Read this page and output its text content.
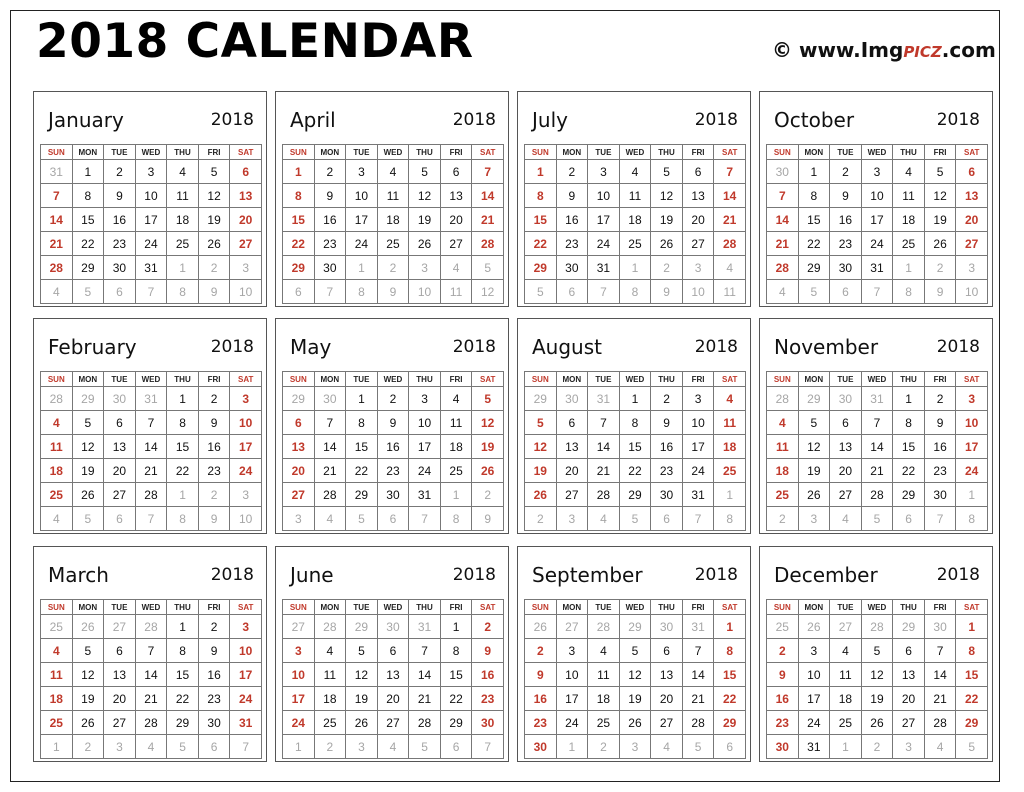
2018 CALENDAR	© www.ImgPICZ.com
January	2018
SUN	MON	TUE	WED	THU	FRI	SAT
31	1	2	3	4	5	6
7	8	9	10	11	12	13
14	15	16	17	18	19	20
21	22	23	24	25	26	27
28	29	30	31	1	2	3
4	5	6	7	8	9	10
February	2018
SUN	MON	TUE	WED	THU	FRI	SAT
28	29	30	31	1	2	3
4	5	6	7	8	9	10
11	12	13	14	15	16	17
18	19	20	21	22	23	24
25	26	27	28	1	2	3
4	5	6	7	8	9	10
March	2018
SUN	MON	TUE	WED	THU	FRI	SAT
25	26	27	28	1	2	3
4	5	6	7	8	9	10
11	12	13	14	15	16	17
18	19	20	21	22	23	24
25	26	27	28	29	30	31
1	2	3	4	5	6	7
April	2018
SUN	MON	TUE	WED	THU	FRI	SAT
1	2	3	4	5	6	7
8	9	10	11	12	13	14
15	16	17	18	19	20	21
22	23	24	25	26	27	28
29	30	1	2	3	4	5
6	7	8	9	10	11	12
May	2018
SUN	MON	TUE	WED	THU	FRI	SAT
29	30	1	2	3	4	5
6	7	8	9	10	11	12
13	14	15	16	17	18	19
20	21	22	23	24	25	26
27	28	29	30	31	1	2
3	4	5	6	7	8	9
June	2018
SUN	MON	TUE	WED	THU	FRI	SAT
27	28	29	30	31	1	2
3	4	5	6	7	8	9
10	11	12	13	14	15	16
17	18	19	20	21	22	23
24	25	26	27	28	29	30
1	2	3	4	5	6	7
July	2018
SUN	MON	TUE	WED	THU	FRI	SAT
1	2	3	4	5	6	7
8	9	10	11	12	13	14
15	16	17	18	19	20	21
22	23	24	25	26	27	28
29	30	31	1	2	3	4
5	6	7	8	9	10	11
August	2018
SUN	MON	TUE	WED	THU	FRI	SAT
29	30	31	1	2	3	4
5	6	7	8	9	10	11
12	13	14	15	16	17	18
19	20	21	22	23	24	25
26	27	28	29	30	31	1
2	3	4	5	6	7	8
September	2018
SUN	MON	TUE	WED	THU	FRI	SAT
26	27	28	29	30	31	1
2	3	4	5	6	7	8
9	10	11	12	13	14	15
16	17	18	19	20	21	22
23	24	25	26	27	28	29
30	1	2	3	4	5	6
October	2018
SUN	MON	TUE	WED	THU	FRI	SAT
30	1	2	3	4	5	6
7	8	9	10	11	12	13
14	15	16	17	18	19	20
21	22	23	24	25	26	27
28	29	30	31	1	2	3
4	5	6	7	8	9	10
November	2018
SUN	MON	TUE	WED	THU	FRI	SAT
28	29	30	31	1	2	3
4	5	6	7	8	9	10
11	12	13	14	15	16	17
18	19	20	21	22	23	24
25	26	27	28	29	30	1
2	3	4	5	6	7	8
December	2018
SUN	MON	TUE	WED	THU	FRI	SAT
25	26	27	28	29	30	1
2	3	4	5	6	7	8
9	10	11	12	13	14	15
16	17	18	19	20	21	22
23	24	25	26	27	28	29
30	31	1	2	3	4	5
